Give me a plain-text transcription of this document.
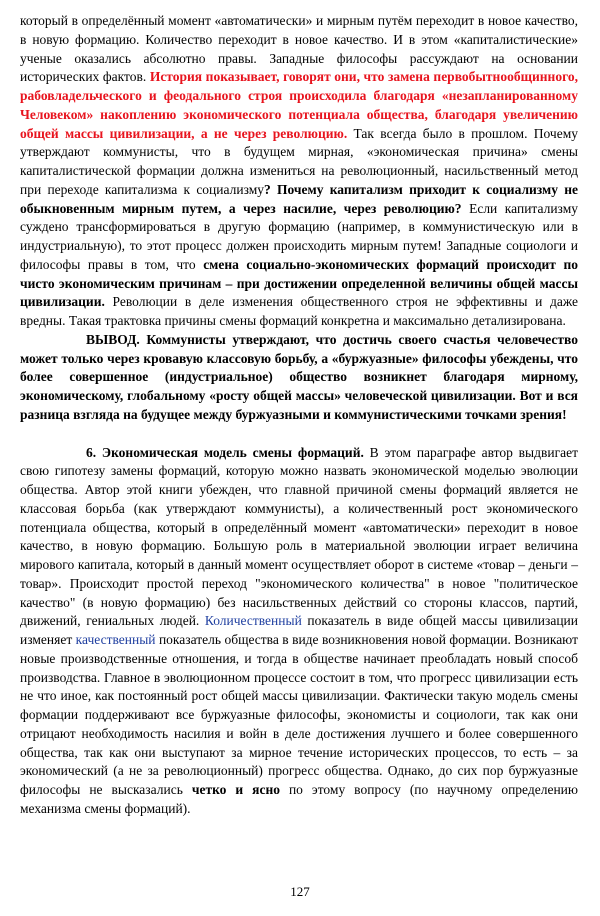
который в определённый момент «автоматически» и мирным путём переходит в новое качество, в новую формацию. Количество переходит в новое качество. И в этом «капиталистические» ученые оказались абсолютно правы. Западные философы рассуждают на основании исторических фактов. История показывает, говорят они, что замена первобытнообщинного, рабовладельческого и феодального строя происходила благодаря «незапланированному Человеком» накоплению экономического потенциала общества, благодаря увеличению общей массы цивилизации, а не через революцию. Так всегда было в прошлом. Почему утверждают коммунисты, что в будущем мирная, «экономическая причина» смены капиталистической формации должна измениться на революционный, насильственный метод при переходе капитализма к социализму? Почему капитализм приходит к социализму не обыкновенным мирным путем, а через насилие, через революцию? Если капитализму суждено трансформироваться в другую формацию (например, в коммунистическую или в индустриальную), то этот процесс должен происходить мирным путем! Западные социологи и философы правы в том, что смена социально-экономических формаций происходит по чисто экономическим причинам – при достижении определенной величины общей массы цивилизации. Революции в деле изменения общественного строя не эффективны и даже вредны. Такая трактовка причины смены формаций конкретна и максимально детализирована.

ВЫВОД. Коммунисты утверждают, что достичь своего счастья человечество может только через кровавую классовую борьбу, а «буржуазные» философы убеждены, что более совершенное (индустриальное) общество возникнет благодаря мирному, экономическому, глобальному «росту общей массы» человеческой цивилизации. Вот и вся разница взгляда на будущее между буржуазными и коммунистическими точками зрения!

6. Экономическая модель смены формаций. В этом параграфе автор выдвигает свою гипотезу замены формаций, которую можно назвать экономической моделью эволюции общества. Автор этой книги убежден, что главной причиной смены формаций является не классовая борьба (как утверждают коммунисты), а количественный рост экономического потенциала общества, который в определённый момент «автоматически» переходит в новое качество, в новую формацию. Большую роль в материальной эволюции играет величина мирового капитала, который в данный момент осуществляет оборот в системе «товар – деньги – товар». Происходит простой переход "экономического количества" в новое "политическое качество" (в новую формацию) без насильственных действий со стороны классов, партий, движений, гениальных людей. Количественный показатель в виде общей массы цивилизации изменяет качественный показатель общества в виде возникновения новой формации. Возникают новые производственные отношения, и тогда в обществе начинает преобладать новый способ производства. Главное в эволюционном процессе состоит в том, что прогресс цивилизации есть не что иное, как постоянный рост общей массы цивилизации. Фактически такую модель смены формации поддерживают все буржуазные философы, экономисты и социологи, так как они отрицают необходимость насилия и войн в деле достижения лучшего и более совершенного общества, так как они выступают за мирное течение исторических процессов, то есть – за экономический (а не за революционный) прогресс общества. Однако, до сих пор буржуазные философы не высказались четко и ясно по этому вопросу (по научному определению механизма смены формаций).

127
